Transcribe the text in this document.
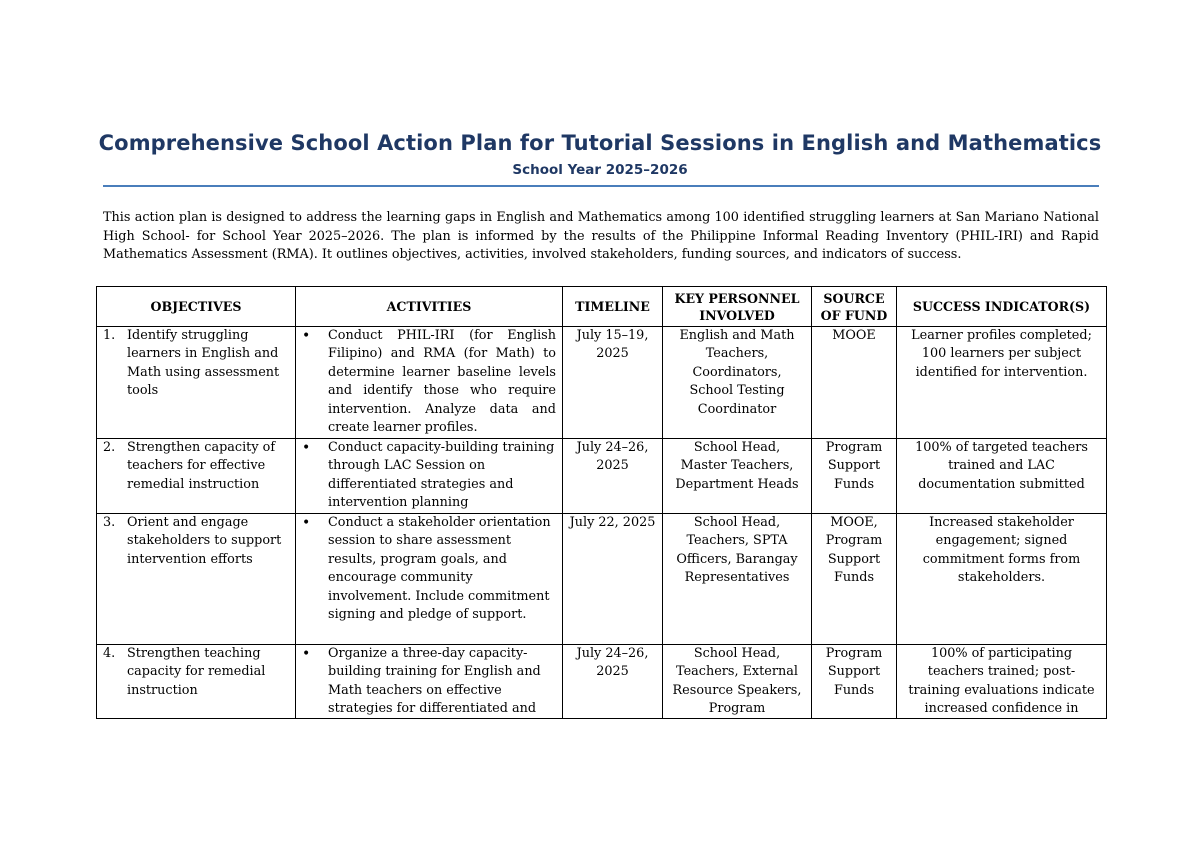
Comprehensive School Action Plan for Tutorial Sessions in English and Mathematics
School Year 2025–2026
This action plan is designed to address the learning gaps in English and Mathematics among 100 identified struggling learners at San Mariano National High School- for School Year 2025–2026. The plan is informed by the results of the Philippine Informal Reading Inventory (PHIL-IRI) and Rapid Mathematics Assessment (RMA). It outlines objectives, activities, involved stakeholders, funding sources, and indicators of success.
OBJECTIVES	ACTIVITIES	TIMELINE	KEY PERSONNEL INVOLVED	SOURCE OF FUND	SUCCESS INDICATOR(S)

1. Identify struggling learners in English and Math using assessment tools	• Conduct PHIL-IRI (for English Filipino) and RMA (for Math) to determine learner baseline levels and identify those who require intervention. Analyze data and create learner profiles.	July 15–19, 2025	English and Math Teachers, Coordinators, School Testing Coordinator	MOOE	Learner profiles completed; 100 learners per subject identified for intervention.

2. Strengthen capacity of teachers for effective remedial instruction	• Conduct capacity-building training through LAC Session on differentiated strategies and intervention planning	July 24–26, 2025	School Head, Master Teachers, Department Heads	Program Support Funds	100% of targeted teachers trained and LAC documentation submitted

3. Orient and engage stakeholders to support intervention efforts	• Conduct a stakeholder orientation session to share assessment results, program goals, and encourage community involvement. Include commitment signing and pledge of support.	July 22, 2025	School Head, Teachers, SPTA Officers, Barangay Representatives	MOOE, Program Support Funds	Increased stakeholder engagement; signed commitment forms from stakeholders.

4. Strengthen teaching capacity for remedial instruction	• Organize a three-day capacity-building training for English and Math teachers on effective strategies for differentiated and	July 24–26, 2025	School Head, Teachers, External Resource Speakers, Program	Program Support Funds	100% of participating teachers trained; post-training evaluations indicate increased confidence in
